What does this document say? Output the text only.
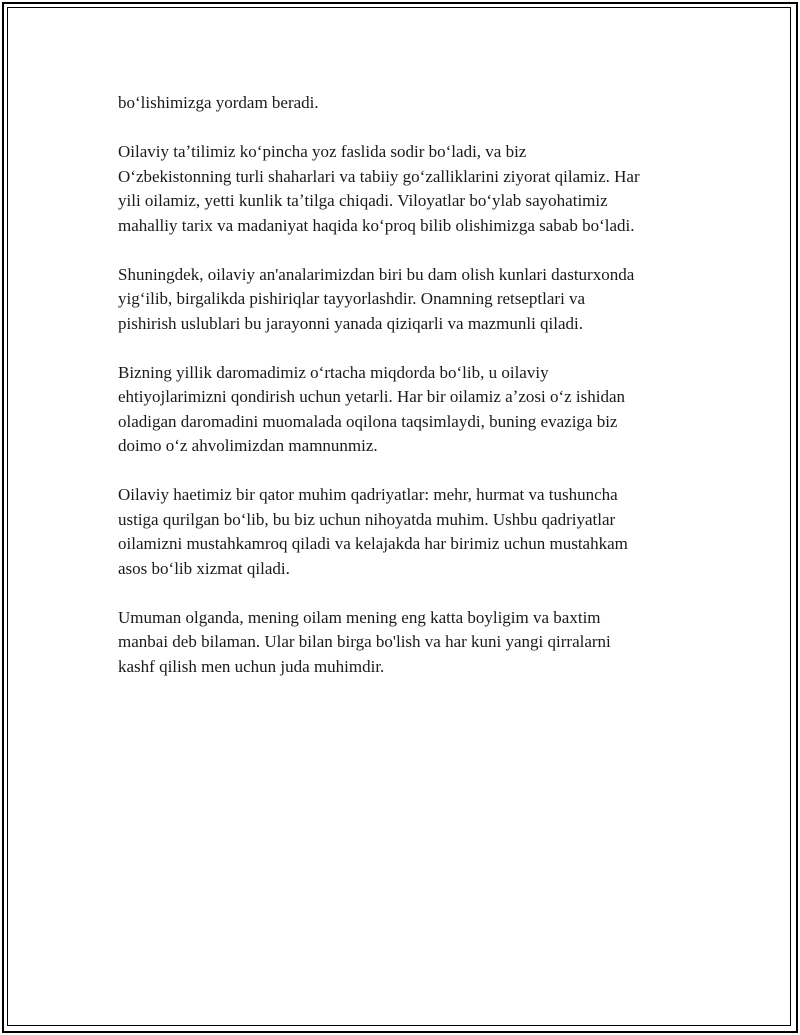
boʻlishimizga yordam beradi.

Oilaviy taʼtilimiz koʻpincha yoz faslida sodir boʻladi, va biz
Oʻzbekistonning turli shaharlari va tabiiy goʻzalliklarini ziyorat qilamiz. Har
yili oilamiz, yetti kunlik taʼtilga chiqadi. Viloyatlar boʻylab sayohatimiz
mahalliy tarix va madaniyat haqida koʻproq bilib olishimizga sabab boʻladi.

Shuningdek, oilaviy an'analarimizdan biri bu dam olish kunlari dasturxonda
yigʻilib, birgalikda pishiriqlar tayyorlashdir. Onamning retseptlari va
pishirish uslublari bu jarayonni yanada qiziqarli va mazmunli qiladi.

Bizning yillik daromadimiz oʻrtacha miqdorda boʻlib, u oilaviy
ehtiyojlarimizni qondirish uchun yetarli. Har bir oilamiz aʼzosi oʻz ishidan
oladigan daromadini muomalada oqilona taqsimlaydi, buning evaziga biz
doimo oʻz ahvolimizdan mamnunmiz.

Oilaviy haetimiz bir qator muhim qadriyatlar: mehr, hurmat va tushuncha
ustiga qurilgan boʻlib, bu biz uchun nihoyatda muhim. Ushbu qadriyatlar
oilamizni mustahkamroq qiladi va kelajakda har birimiz uchun mustahkam
asos boʻlib xizmat qiladi.

Umuman olganda, mening oilam mening eng katta boyligim va baxtim
manbai deb bilaman. Ular bilan birga bo'lish va har kuni yangi qirralarni
kashf qilish men uchun juda muhimdir.
